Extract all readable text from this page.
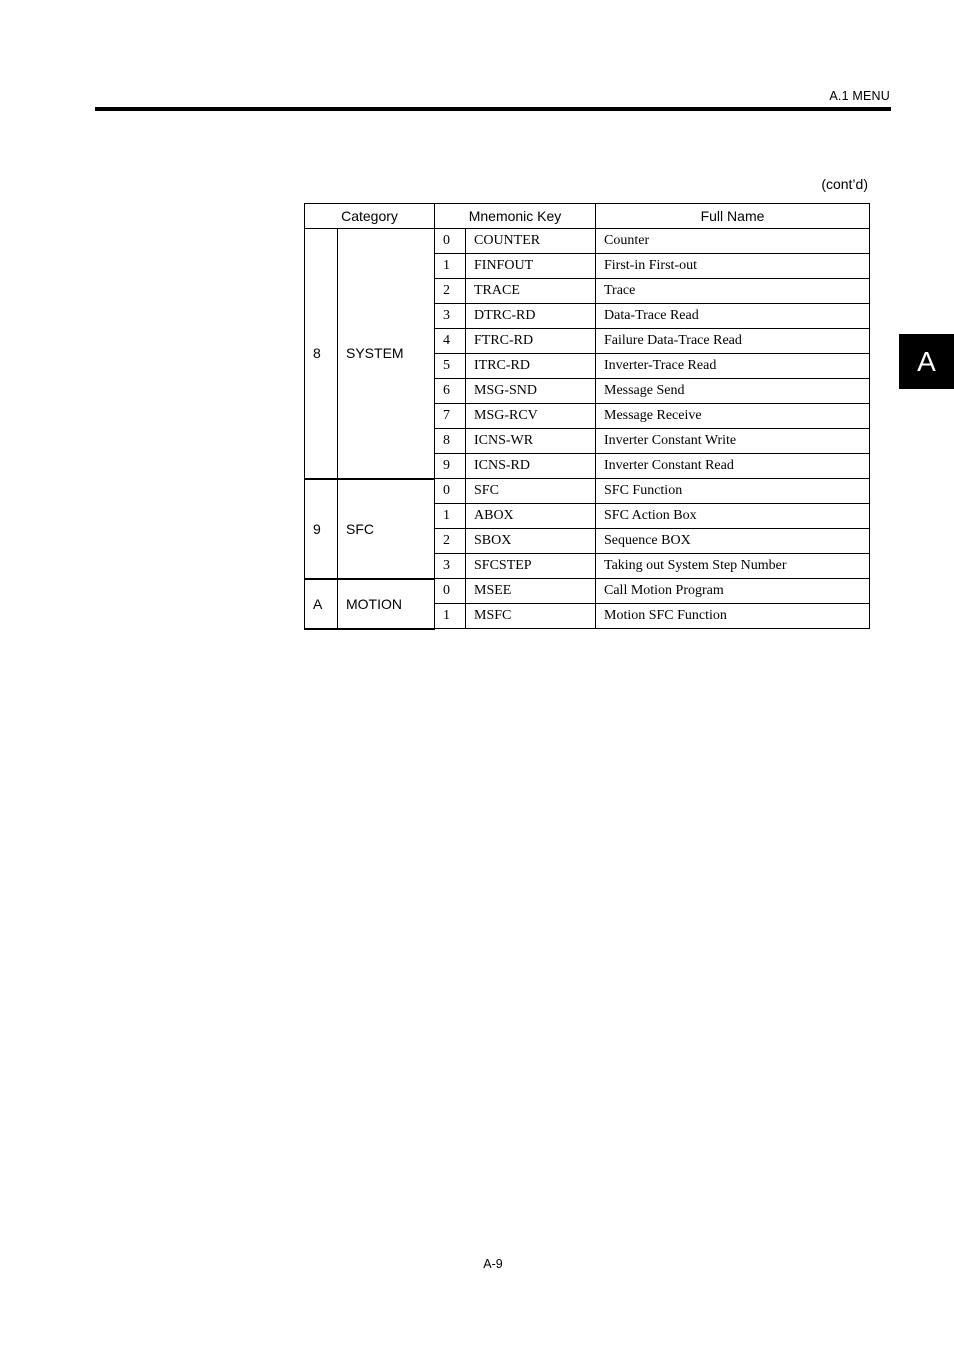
A.1 MENU
A
(cont’d)
Category		Mnemonic Key		Full Name
8	SYSTEM	0	COUNTER	Counter
		1	FINFOUT	First-in First-out
		2	TRACE	Trace
		3	DTRC-RD	Data-Trace Read
		4	FTRC-RD	Failure Data-Trace Read
		5	ITRC-RD	Inverter-Trace Read
		6	MSG-SND	Message Send
		7	MSG-RCV	Message Receive
		8	ICNS-WR	Inverter Constant Write
		9	ICNS-RD	Inverter Constant Read
9	SFC	0	SFC	SFC Function
		1	ABOX	SFC Action Box
		2	SBOX	Sequence BOX
		3	SFCSTEP	Taking out System Step Number
A	MOTION	0	MSEE	Call Motion Program
		1	MSFC	Motion SFC Function
A-9
